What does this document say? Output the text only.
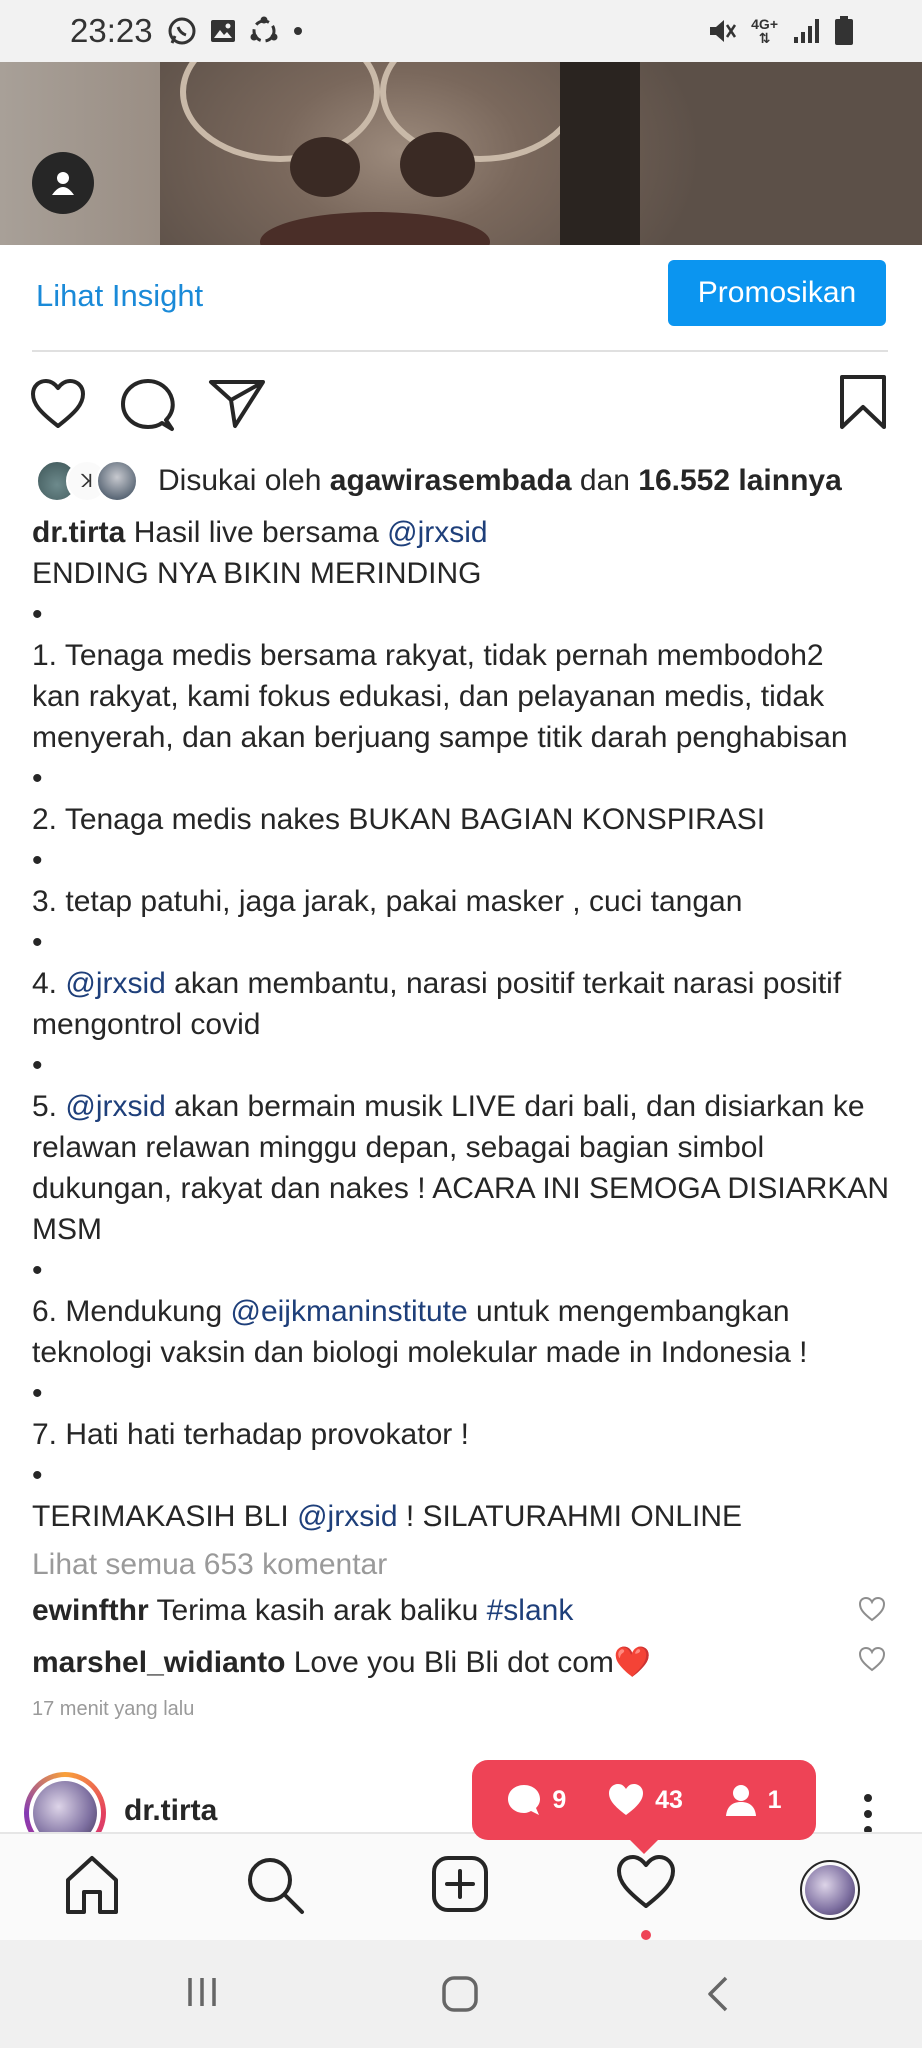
23:23	4G+
⇅
Lihat Insight	Promosikan
ꓘ	Disukai oleh agawirasembada dan 16.552 lainnya

dr.tirta Hasil live bersama @jrxsid

ENDING NYA BIKIN MERINDING

•

1. Tenaga medis bersama rakyat, tidak pernah membodoh2

kan rakyat, kami fokus edukasi, dan pelayanan medis, tidak

menyerah, dan akan berjuang sampe titik darah penghabisan

•

2. Tenaga medis nakes BUKAN BAGIAN KONSPIRASI

•

3. tetap patuhi, jaga jarak, pakai masker , cuci tangan

•

4. @jrxsid akan membantu, narasi positif terkait narasi positif

mengontrol covid

•

5. @jrxsid akan bermain musik LIVE dari bali, dan disiarkan ke

relawan relawan minggu depan, sebagai bagian simbol

dukungan, rakyat dan nakes ! ACARA INI SEMOGA DISIARKAN

MSM

•

6. Mendukung @eijkmaninstitute untuk mengembangkan

teknologi vaksin dan biologi molekular made in Indonesia !

•

7. Hati hati terhadap provokator !

•

TERIMAKASIH BLI @jrxsid ! SILATURAHMI ONLINE

Lihat semua 653 komentar
ewinfthr Terima kasih arak baliku #slank
marshel_widianto Love you Bli Bli dot com❤️
17 menit yang lalu
dr.tirta	9	43	1
